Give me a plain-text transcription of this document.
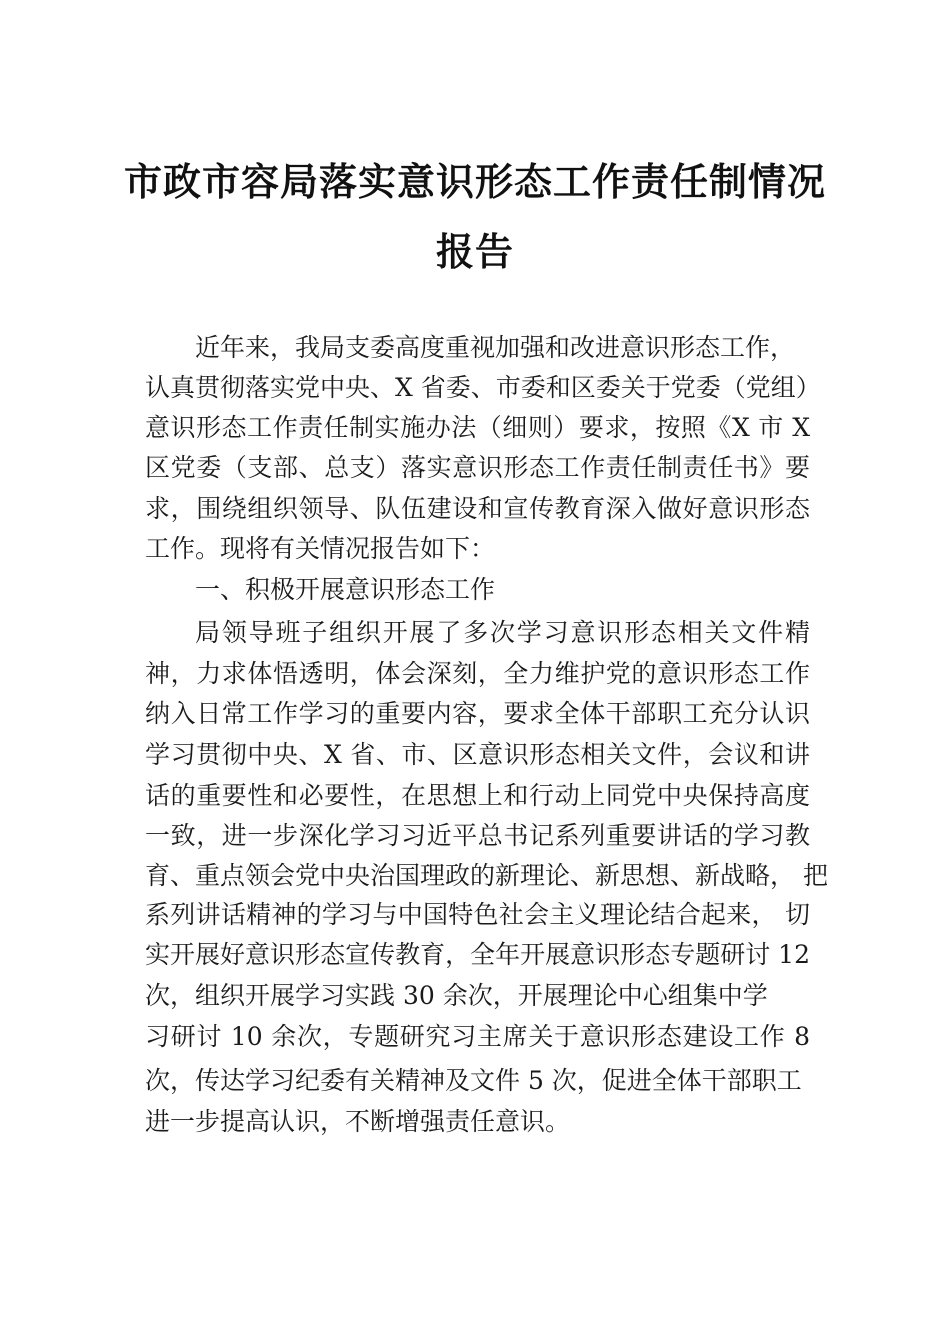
市政市容局落实意识形态工作责任制情况
报告
近年来，我局支委高度重视加强和改进意识形态工作，
认真贯彻落实党中央、X 省委、市委和区委关于党委（党组）
意识形态工作责任制实施办法（细则）要求，按照《X 市 X
区党委（支部、总支）落实意识形态工作责任制责任书》要
求，围绕组织领导、队伍建设和宣传教育深入做好意识形态
工作。现将有关情况报告如下：
一、积极开展意识形态工作
局领导班子组织开展了多次学习意识形态相关文件精
神，力求体悟透明，体会深刻，全力维护党的意识形态工作
纳入日常工作学习的重要内容，要求全体干部职工充分认识
学习贯彻中央、X 省、市、区意识形态相关文件，会议和讲
话的重要性和必要性，在思想上和行动上同党中央保持高度
一致，进一步深化学习习近平总书记系列重要讲话的学习教
育、重点领会党中央治国理政的新理论、新思想、新战略， 把
系列讲话精神的学习与中国特色社会主义理论结合起来， 切
实开展好意识形态宣传教育，全年开展意识形态专题研讨 12
次，组织开展学习实践 30 余次，开展理论中心组集中学
习研讨 10 余次，专题研究习主席关于意识形态建设工作 8
次，传达学习纪委有关精神及文件 5 次，促进全体干部职工
进一步提高认识，不断增强责任意识。
